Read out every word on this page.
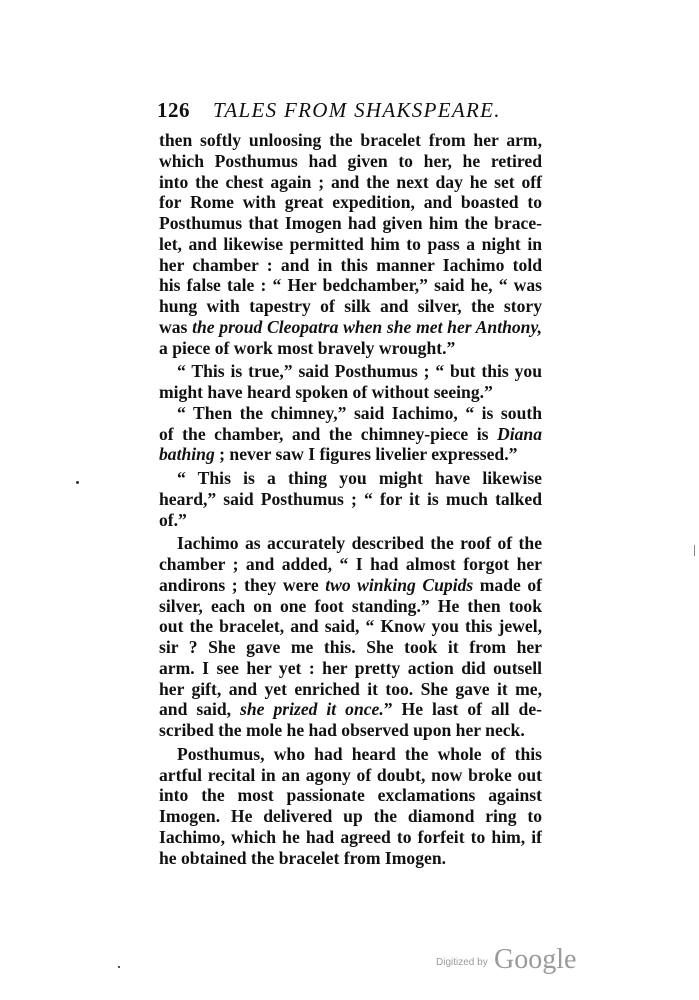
126 TALES FROM SHAKSPEARE.
then softly unloosing the bracelet from her arm,
which Posthumus had given to her, he retired
into the chest again ; and the next day he set off
for Rome with great expedition, and boasted to
Posthumus that Imogen had given him the brace-
let, and likewise permitted him to pass a night in
her chamber : and in this manner Iachimo told
his false tale : “ Her bedchamber,” said he, “ was
hung with tapestry of silk and silver, the story
was the proud Cleopatra when she met her Anthony,
a piece of work most bravely wrought.”
“ This is true,” said Posthumus ; “ but this you
might have heard spoken of without seeing.”
“ Then the chimney,” said Iachimo, “ is south
of the chamber, and the chimney-piece is Diana
bathing ; never saw I figures livelier expressed.”
“ This is a thing you might have likewise
heard,” said Posthumus ; “ for it is much talked
of.”
Iachimo as accurately described the roof of the
chamber ; and added, “ I had almost forgot her
andirons ; they were two winking Cupids made of
silver, each on one foot standing.” He then took
out the bracelet, and said, “ Know you this jewel,
sir ? She gave me this. She took it from her
arm. I see her yet : her pretty action did outsell
her gift, and yet enriched it too. She gave it me,
and said, she prized it once.” He last of all de-
scribed the mole he had observed upon her neck.
Posthumus, who had heard the whole of this
artful recital in an agony of doubt, now broke out
into the most passionate exclamations against
Imogen. He delivered up the diamond ring to
Iachimo, which he had agreed to forfeit to him, if
he obtained the bracelet from Imogen.
Digitized by Google
